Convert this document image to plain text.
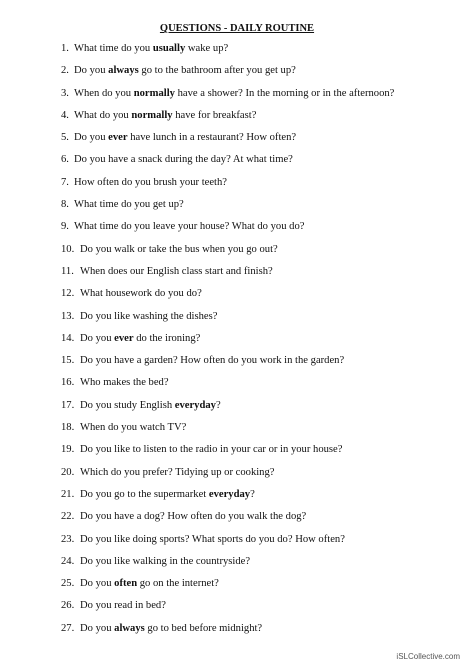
QUESTIONS - DAILY ROUTINE
1. What time do you usually wake up?
2. Do you always go to the bathroom after you get up?
3. When do you normally have a shower? In the morning or in the afternoon?
4. What do you normally have for breakfast?
5. Do you ever have lunch in a restaurant? How often?
6. Do you have a snack during the day? At what time?
7. How often do you brush your teeth?
8. What time do you get up?
9. What time do you leave your house? What do you do?
10. Do you walk or take the bus when you go out?
11. When does our English class start and finish?
12. What housework do you do?
13. Do you like washing the dishes?
14. Do you ever do the ironing?
15. Do you have a garden? How often do you work in the garden?
16. Who makes the bed?
17. Do you study English everyday?
18. When do you watch TV?
19. Do you like to listen to the radio in your car or in your house?
20. Which do you prefer? Tidying up or cooking?
21. Do you go to the supermarket everyday?
22. Do you have a dog? How often do you walk the dog?
23. Do you like doing sports? What sports do you do? How often?
24. Do you like walking in the countryside?
25. Do you often go on the internet?
26. Do you read in bed?
27. Do you always go to bed before midnight?
iSLCollective.com
